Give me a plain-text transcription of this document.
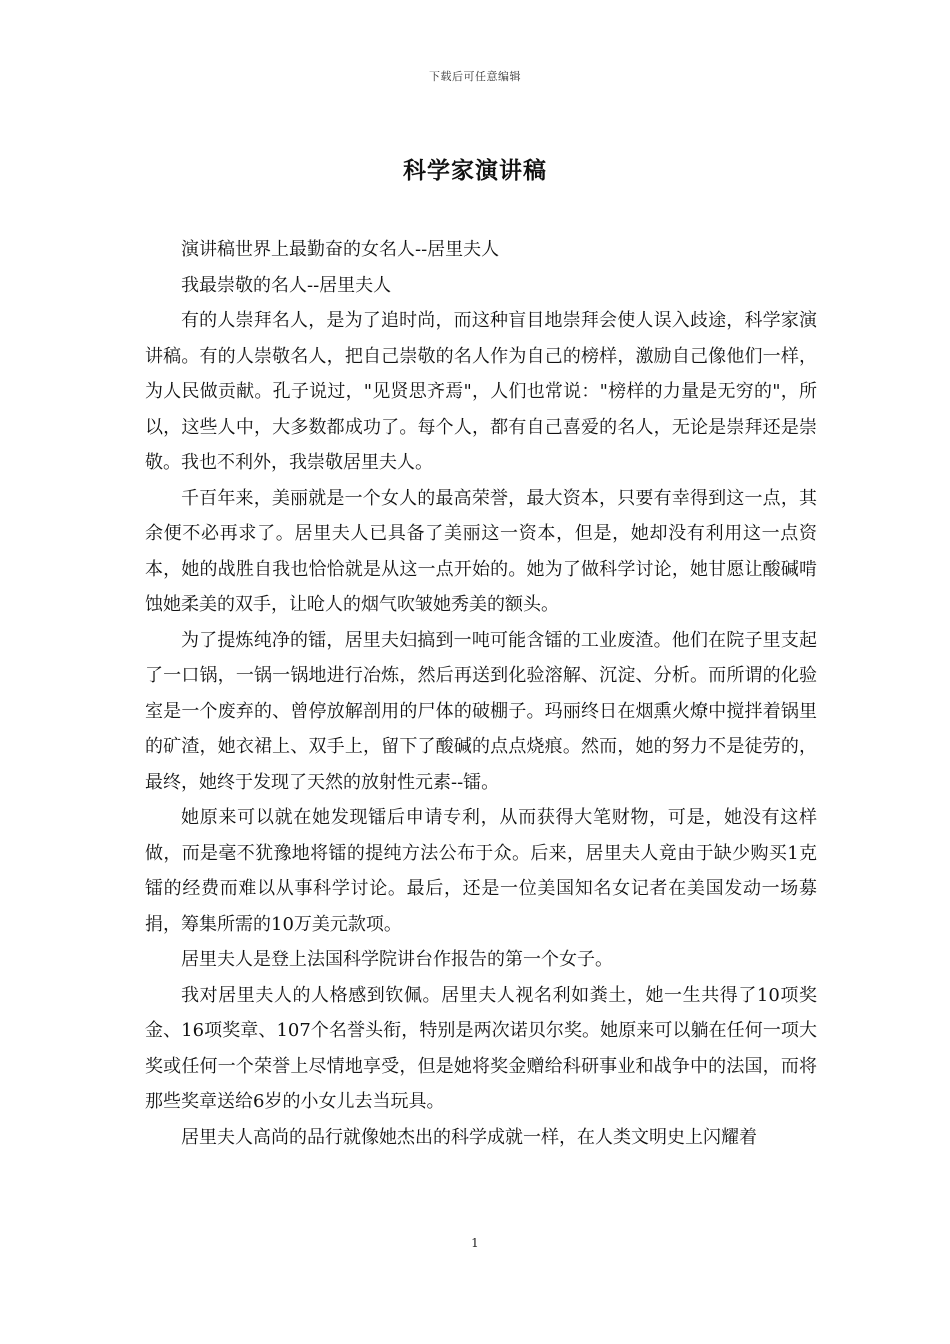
下载后可任意编辑
科学家演讲稿

演讲稿世界上最勤奋的女名人--居里夫人

我最崇敬的名人--居里夫人

有的人崇拜名人，是为了追时尚，而这种盲目地崇拜会使人误入歧途，科学家演讲稿。有的人崇敬名人，把自己崇敬的名人作为自己的榜样，激励自己像他们一样，为人民做贡献。孔子说过，"见贤思齐焉"，人们也常说："榜样的力量是无穷的"，所以，这些人中，大多数都成功了。每个人，都有自己喜爱的名人，无论是崇拜还是崇敬。我也不利外，我崇敬居里夫人。

千百年来，美丽就是一个女人的最高荣誉，最大资本，只要有幸得到这一点，其余便不必再求了。居里夫人已具备了美丽这一资本，但是，她却没有利用这一点资本，她的战胜自我也恰恰就是从这一点开始的。她为了做科学讨论，她甘愿让酸碱啃蚀她柔美的双手，让呛人的烟气吹皱她秀美的额头。

为了提炼纯净的镭，居里夫妇搞到一吨可能含镭的工业废渣。他们在院子里支起了一口锅，一锅一锅地进行冶炼，然后再送到化验溶解、沉淀、分析。而所谓的化验室是一个废弃的、曾停放解剖用的尸体的破棚子。玛丽终日在烟熏火燎中搅拌着锅里的矿渣，她衣裙上、双手上，留下了酸碱的点点烧痕。然而，她的努力不是徒劳的，最终，她终于发现了天然的放射性元素--镭。

她原来可以就在她发现镭后申请专利，从而获得大笔财物，可是，她没有这样做，而是毫不犹豫地将镭的提纯方法公布于众。后来，居里夫人竟由于缺少购买1克镭的经费而难以从事科学讨论。最后，还是一位美国知名女记者在美国发动一场募捐，筹集所需的10万美元款项。

居里夫人是登上法国科学院讲台作报告的第一个女子。

我对居里夫人的人格感到钦佩。居里夫人视名利如粪土，她一生共得了10项奖金、16项奖章、107个名誉头衔，特别是两次诺贝尔奖。她原来可以躺在任何一项大奖或任何一个荣誉上尽情地享受，但是她将奖金赠给科研事业和战争中的法国，而将那些奖章送给6岁的小女儿去当玩具。

居里夫人高尚的品行就像她杰出的科学成就一样，在人类文明史上闪耀着

1
